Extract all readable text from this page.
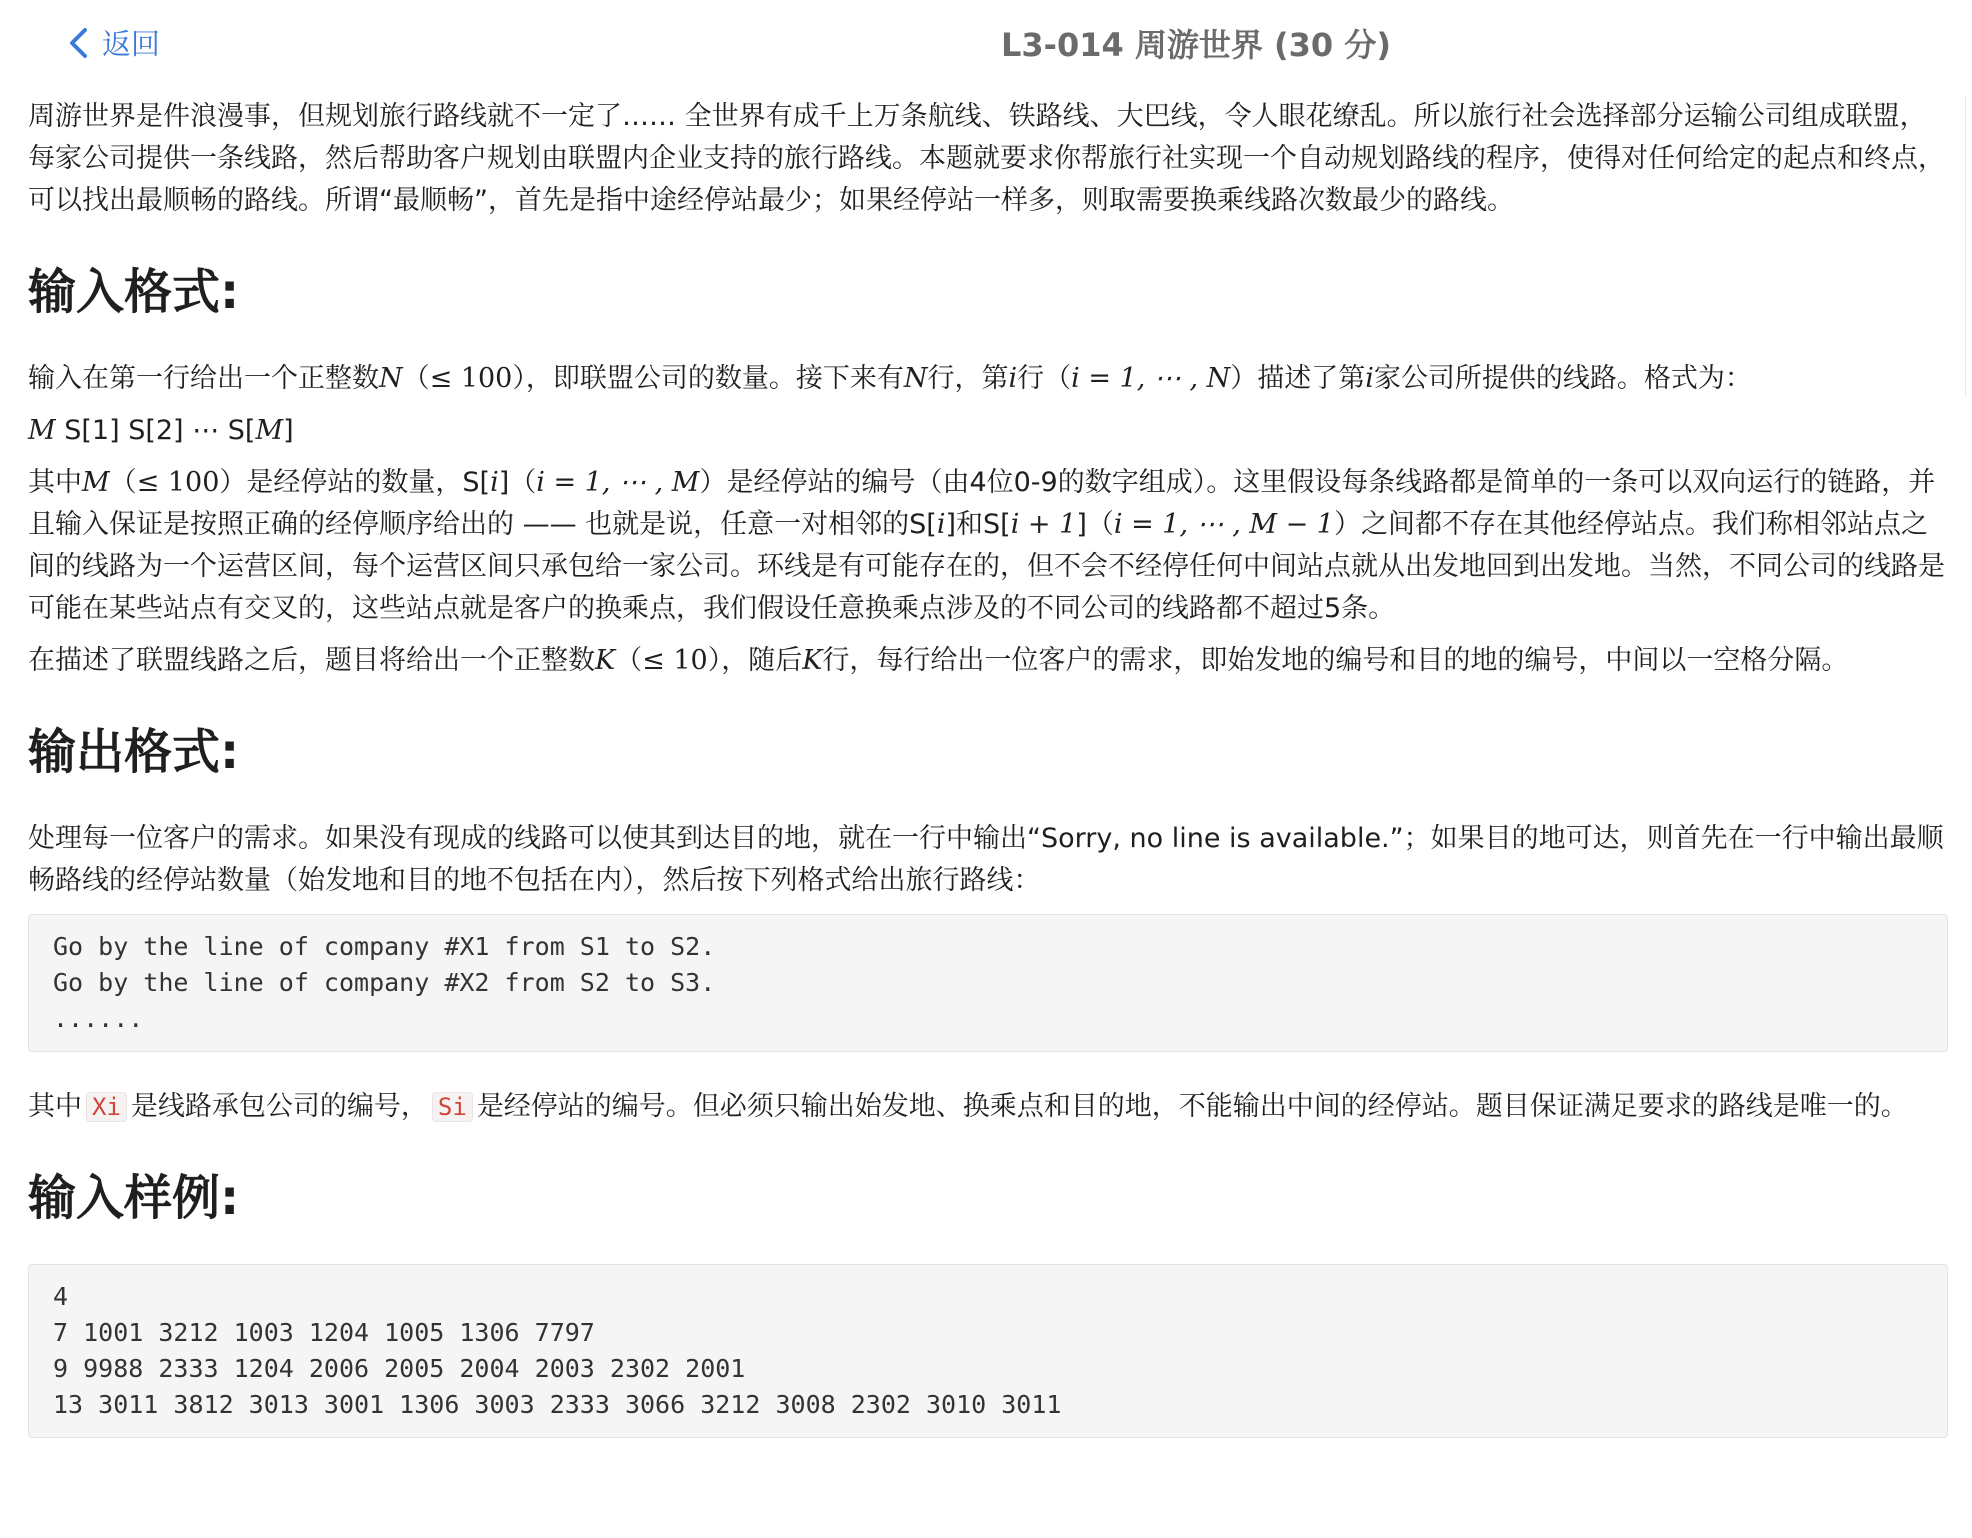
返回	L3-014 周游世界 (30 分)

周游世界是件浪漫事，但规划旅行路线就不一定了…… 全世界有成千上万条航线、铁路线、大巴线，令人眼花缭乱。所以旅行社会选择部分运输公司组成联盟，每家公司提供一条线路，然后帮助客户规划由联盟内企业支持的旅行路线。本题就要求你帮旅行社实现一个自动规划路线的程序，使得对任何给定的起点和终点，可以找出最顺畅的路线。所谓“最顺畅”，首先是指中途经停站最少；如果经停站一样多，则取需要换乘线路次数最少的路线。

输入格式:

输入在第一行给出一个正整数N（≤ 100），即联盟公司的数量。接下来有N行，第i行（i = 1, ⋯ , N）描述了第i家公司所提供的线路。格式为：

M S[1] S[2] ⋯ S[M]

其中M（≤ 100）是经停站的数量，S[i]（i = 1, ⋯ , M）是经停站的编号（由4位0-9的数字组成）。这里假设每条线路都是简单的一条可以双向运行的链路，并且输入保证是按照正确的经停顺序给出的 —— 也就是说，任意一对相邻的S[i]和S[i + 1]（i = 1, ⋯ , M − 1）之间都不存在其他经停站点。我们称相邻站点之间的线路为一个运营区间，每个运营区间只承包给一家公司。环线是有可能存在的，但不会不经停任何中间站点就从出发地回到出发地。当然，不同公司的线路是可能在某些站点有交叉的，这些站点就是客户的换乘点，我们假设任意换乘点涉及的不同公司的线路都不超过5条。

在描述了联盟线路之后，题目将给出一个正整数K（≤ 10），随后K行，每行给出一位客户的需求，即始发地的编号和目的地的编号，中间以一空格分隔。

输出格式:

处理每一位客户的需求。如果没有现成的线路可以使其到达目的地，就在一行中输出“Sorry, no line is available.”；如果目的地可达，则首先在一行中输出最顺畅路线的经停站数量（始发地和目的地不包括在内），然后按下列格式给出旅行路线：

Go by the line of company #X1 from S1 to S2.
Go by the line of company #X2 from S2 to S3.
......

其中 Xi 是线路承包公司的编号， Si 是经停站的编号。但必须只输出始发地、换乘点和目的地，不能输出中间的经停站。题目保证满足要求的路线是唯一的。

输入样例:
4
7 1001 3212 1003 1204 1005 1306 7797
9 9988 2333 1204 2006 2005 2004 2003 2302 2001
13 3011 3812 3013 3001 1306 3003 2333 3066 3212 3008 2302 3010 3011
